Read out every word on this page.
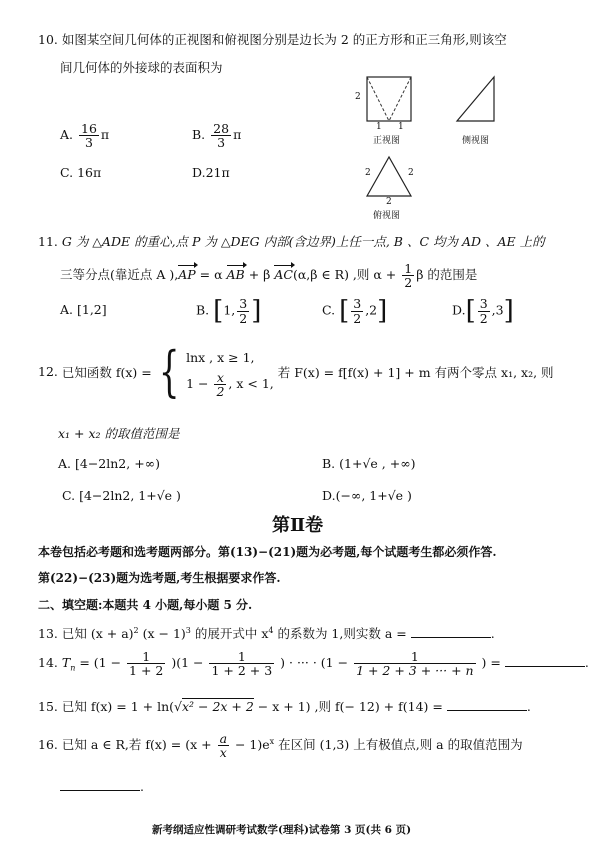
10. 如图某空间几何体的正视图和俯视图分别是边长为 2 的正方形和正三角形,则该空
间几何体的外接球的表面积为
A. $\frac{16}{3}$ π	B. $\frac{28}{3}$ π
C. 16π	D.21π
2
1 1
正视图	侧视图
2	2
2
俯视图
11. G 为 △ADE 的重心,点 P 为 △DEG 内部(含边界)上任一点, B 、C 均为 AD 、AE 上的
三等分点(靠近点 A ),AP = α AB + β AC(α,β ∈ R) ,则 $\alpha + \frac{1}{2}$ β 的范围是
A. [1,2]	B. [1, $\frac{3}{2}$ ]	C. [ $\frac{3}{2} ,2$]	$D.[ \frac{3}{2} ,3]$
12. 已知函数 f(x) ={ lnx , x ≥ 1,
$1 - \frac{x}{2}$ , x < 1,
若 F(x) = f[f(x) + 1] + m 有两个零点 x₁, x₂, 则
x₁ + x₂ 的取值范围是
A. [4−2ln2, +∞)	B. (1+√e , +∞)
C. [4−2ln2, 1+√e )	D.(−∞, 1+√e )
第Ⅱ卷
本卷包括必考题和选考题两部分。第(13)−(21)题为必考题,每个试题考生都必须作答.
第(22)−(23)题为选考题,考生根据要求作答.
二、填空题:本题共 4 小题,每小题 5 分.
13. 已知 $(x + a)^2$ $(x - 1)^3$ 的展开式中 $x^4$ 的系数为 1,则实数 a =	.
14. $T_n = (1 - \frac{1}{1 + 2} )(1 - \frac{1}{1 + 2 + 3}$ ) · ··· · ($1 - \frac{1}{1 + 2 + 3 + \cdot\cdot\cdot + n}$ ) =	.
15. 已知 f(x) = 1 + ln(√x² − 2x + 2 − x + 1) ,则 f(− 12) + f(14) =	.
16. 已知 a ∈ R,若 $f(x) = (x + \frac{a}{x} - 1)e^x$ 在区间 (1,3) 上有极值点,则 a 的取值范围为
.
新考纲适应性调研考试数学(理科)试卷第 3 页(共 6 页)
